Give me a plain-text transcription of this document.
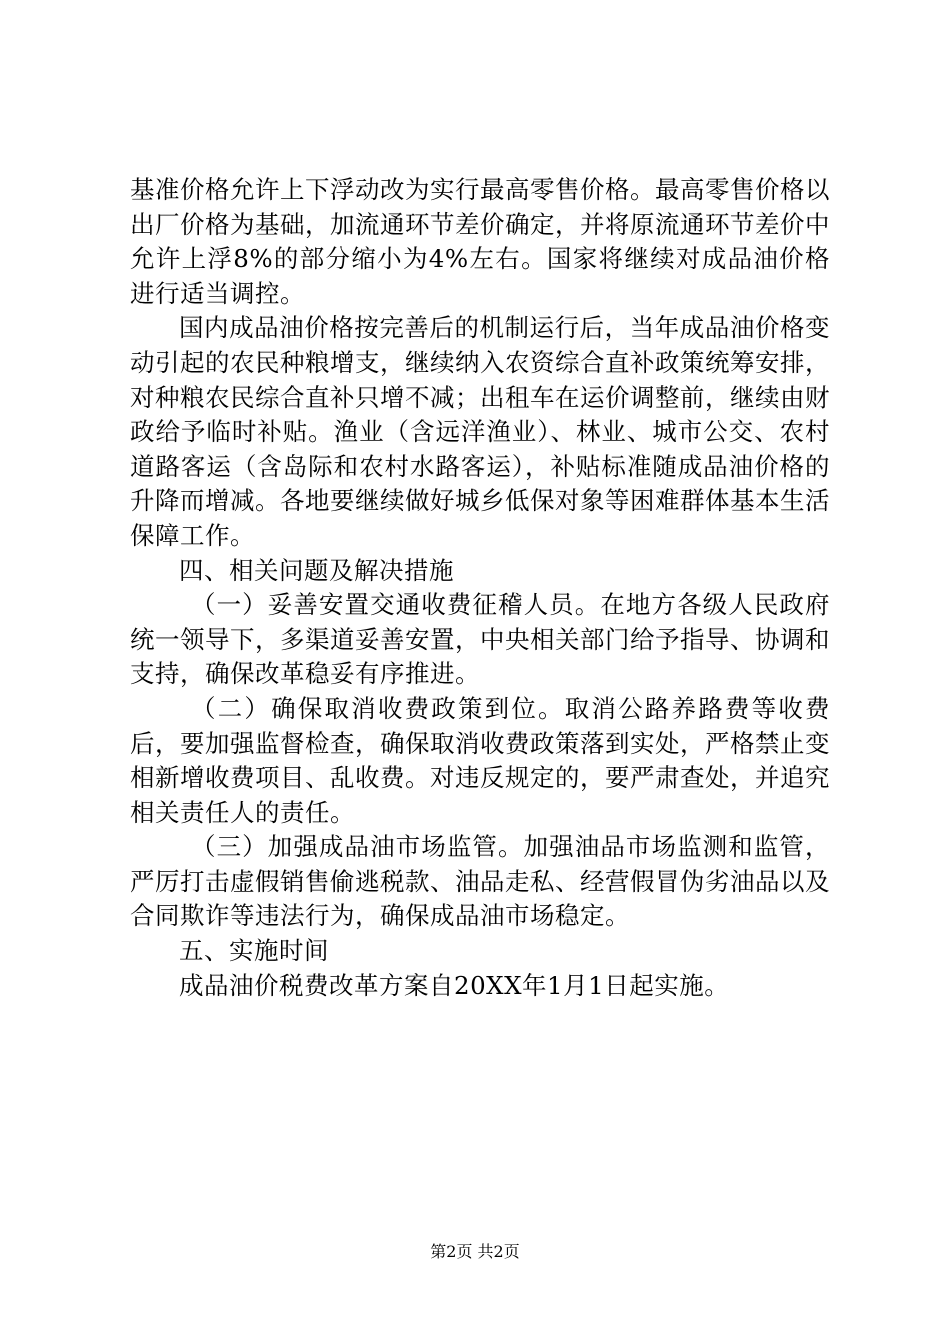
基准价格允许上下浮动改为实行最高零售价格。最高零售价格以出厂价格为基础，加流通环节差价确定，并将原流通环节差价中允许上浮8%的部分缩小为4%左右。国家将继续对成品油价格进行适当调控。

国内成品油价格按完善后的机制运行后，当年成品油价格变动引起的农民种粮增支，继续纳入农资综合直补政策统筹安排，对种粮农民综合直补只增不减；出租车在运价调整前，继续由财政给予临时补贴。渔业（含远洋渔业）、林业、城市公交、农村道路客运（含岛际和农村水路客运），补贴标准随成品油价格的升降而增减。各地要继续做好城乡低保对象等困难群体基本生活保障工作。

四、相关问题及解决措施

（一）妥善安置交通收费征稽人员。在地方各级人民政府统一领导下，多渠道妥善安置，中央相关部门给予指导、协调和支持，确保改革稳妥有序推进。

（二）确保取消收费政策到位。取消公路养路费等收费后，要加强监督检查，确保取消收费政策落到实处，严格禁止变相新增收费项目、乱收费。对违反规定的，要严肃查处，并追究相关责任人的责任。

（三）加强成品油市场监管。加强油品市场监测和监管，严厉打击虚假销售偷逃税款、油品走私、经营假冒伪劣油品以及合同欺诈等违法行为，确保成品油市场稳定。

五、实施时间

成品油价税费改革方案自20XX年1月1日起实施。

第2页 共2页
